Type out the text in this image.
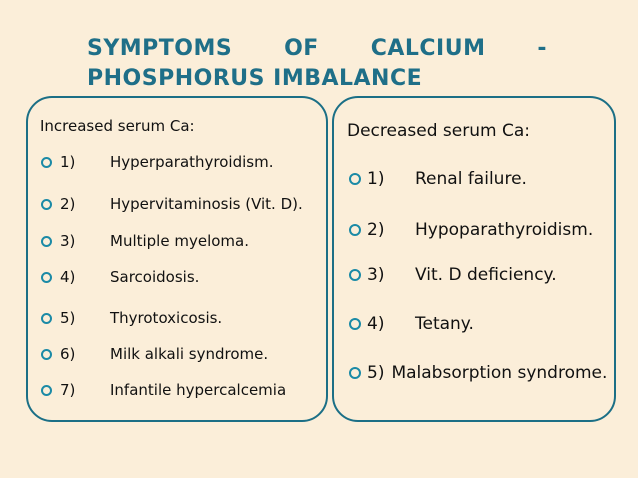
SYMPTOMS OF CALCIUM -
PHOSPHORUS IMBALANCE
Increased serum Ca:
1)	Hyperparathyroidism.
2)	Hypervitaminosis (Vit. D).
3)	Multiple myeloma.
4)	Sarcoidosis.
5)	Thyrotoxicosis.
6)	Milk alkali syndrome.
7)	Infantile hypercalcemia
Decreased serum Ca:
1)	Renal failure.
2)	Hypoparathyroidism.
3)	Vit. D deficiency.
4)	Tetany.
5) Malabsorption syndrome.
